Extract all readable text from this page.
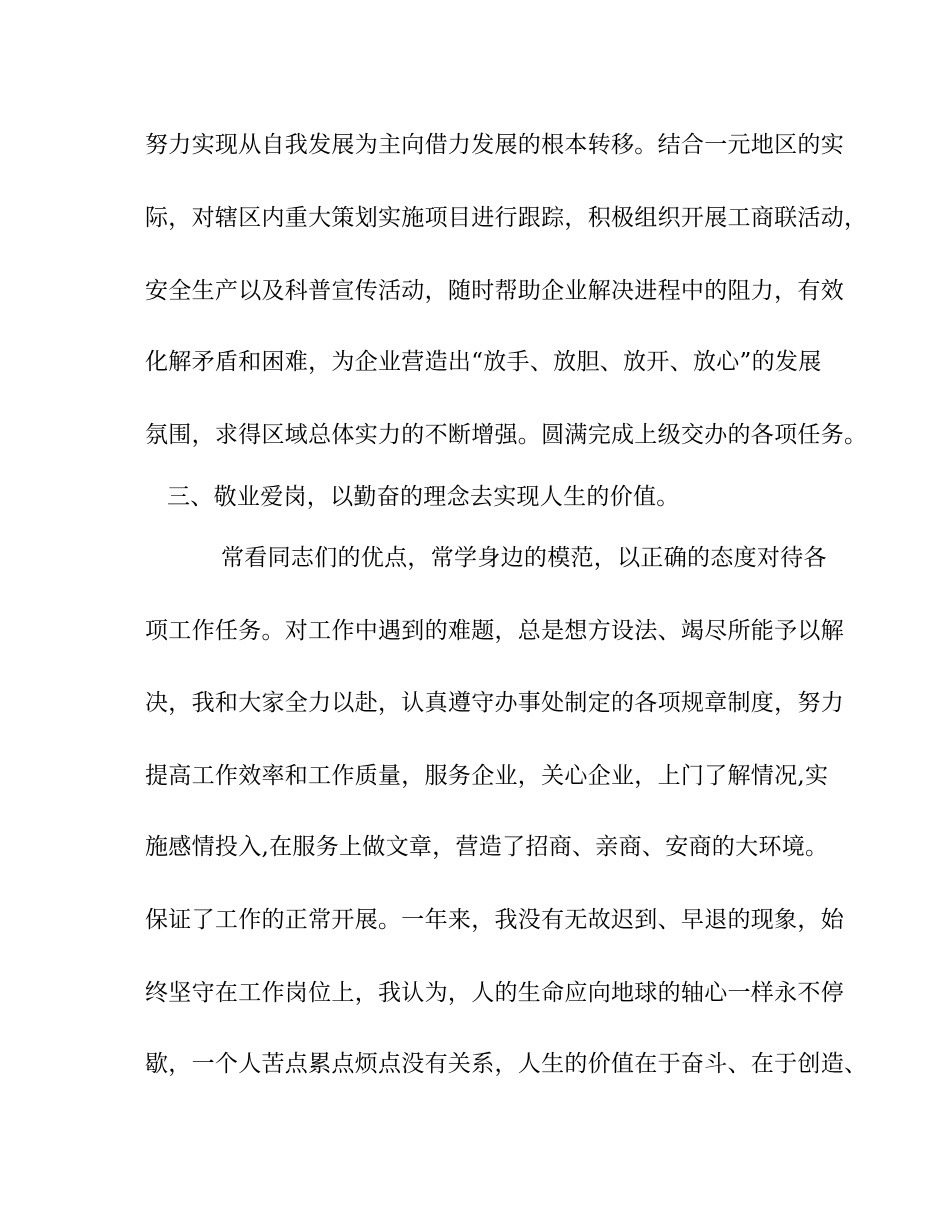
努力实现从自我发展为主向借力发展的根本转移。结合一元地区的实
际，对辖区内重大策划实施项目进行跟踪，积极组织开展工商联活动，
安全生产以及科普宣传活动，随时帮助企业解决进程中的阻力，有效
化解矛盾和困难，为企业营造出“放手、放胆、放开、放心”的发展
氛围，求得区域总体实力的不断增强。圆满完成上级交办的各项任务。
三、敬业爱岗，以勤奋的理念去实现人生的价值。
常看同志们的优点，常学身边的模范，以正确的态度对待各
项工作任务。对工作中遇到的难题，总是想方设法、竭尽所能予以解
决，我和大家全力以赴，认真遵守办事处制定的各项规章制度，努力
提高工作效率和工作质量，服务企业，关心企业，上门了解情况,实
施感情投入,在服务上做文章，营造了招商、亲商、安商的大环境。
保证了工作的正常开展。一年来，我没有无故迟到、早退的现象，始
终坚守在工作岗位上，我认为，人的生命应向地球的轴心一样永不停
歇，一个人苦点累点烦点没有关系，人生的价值在于奋斗、在于创造、
